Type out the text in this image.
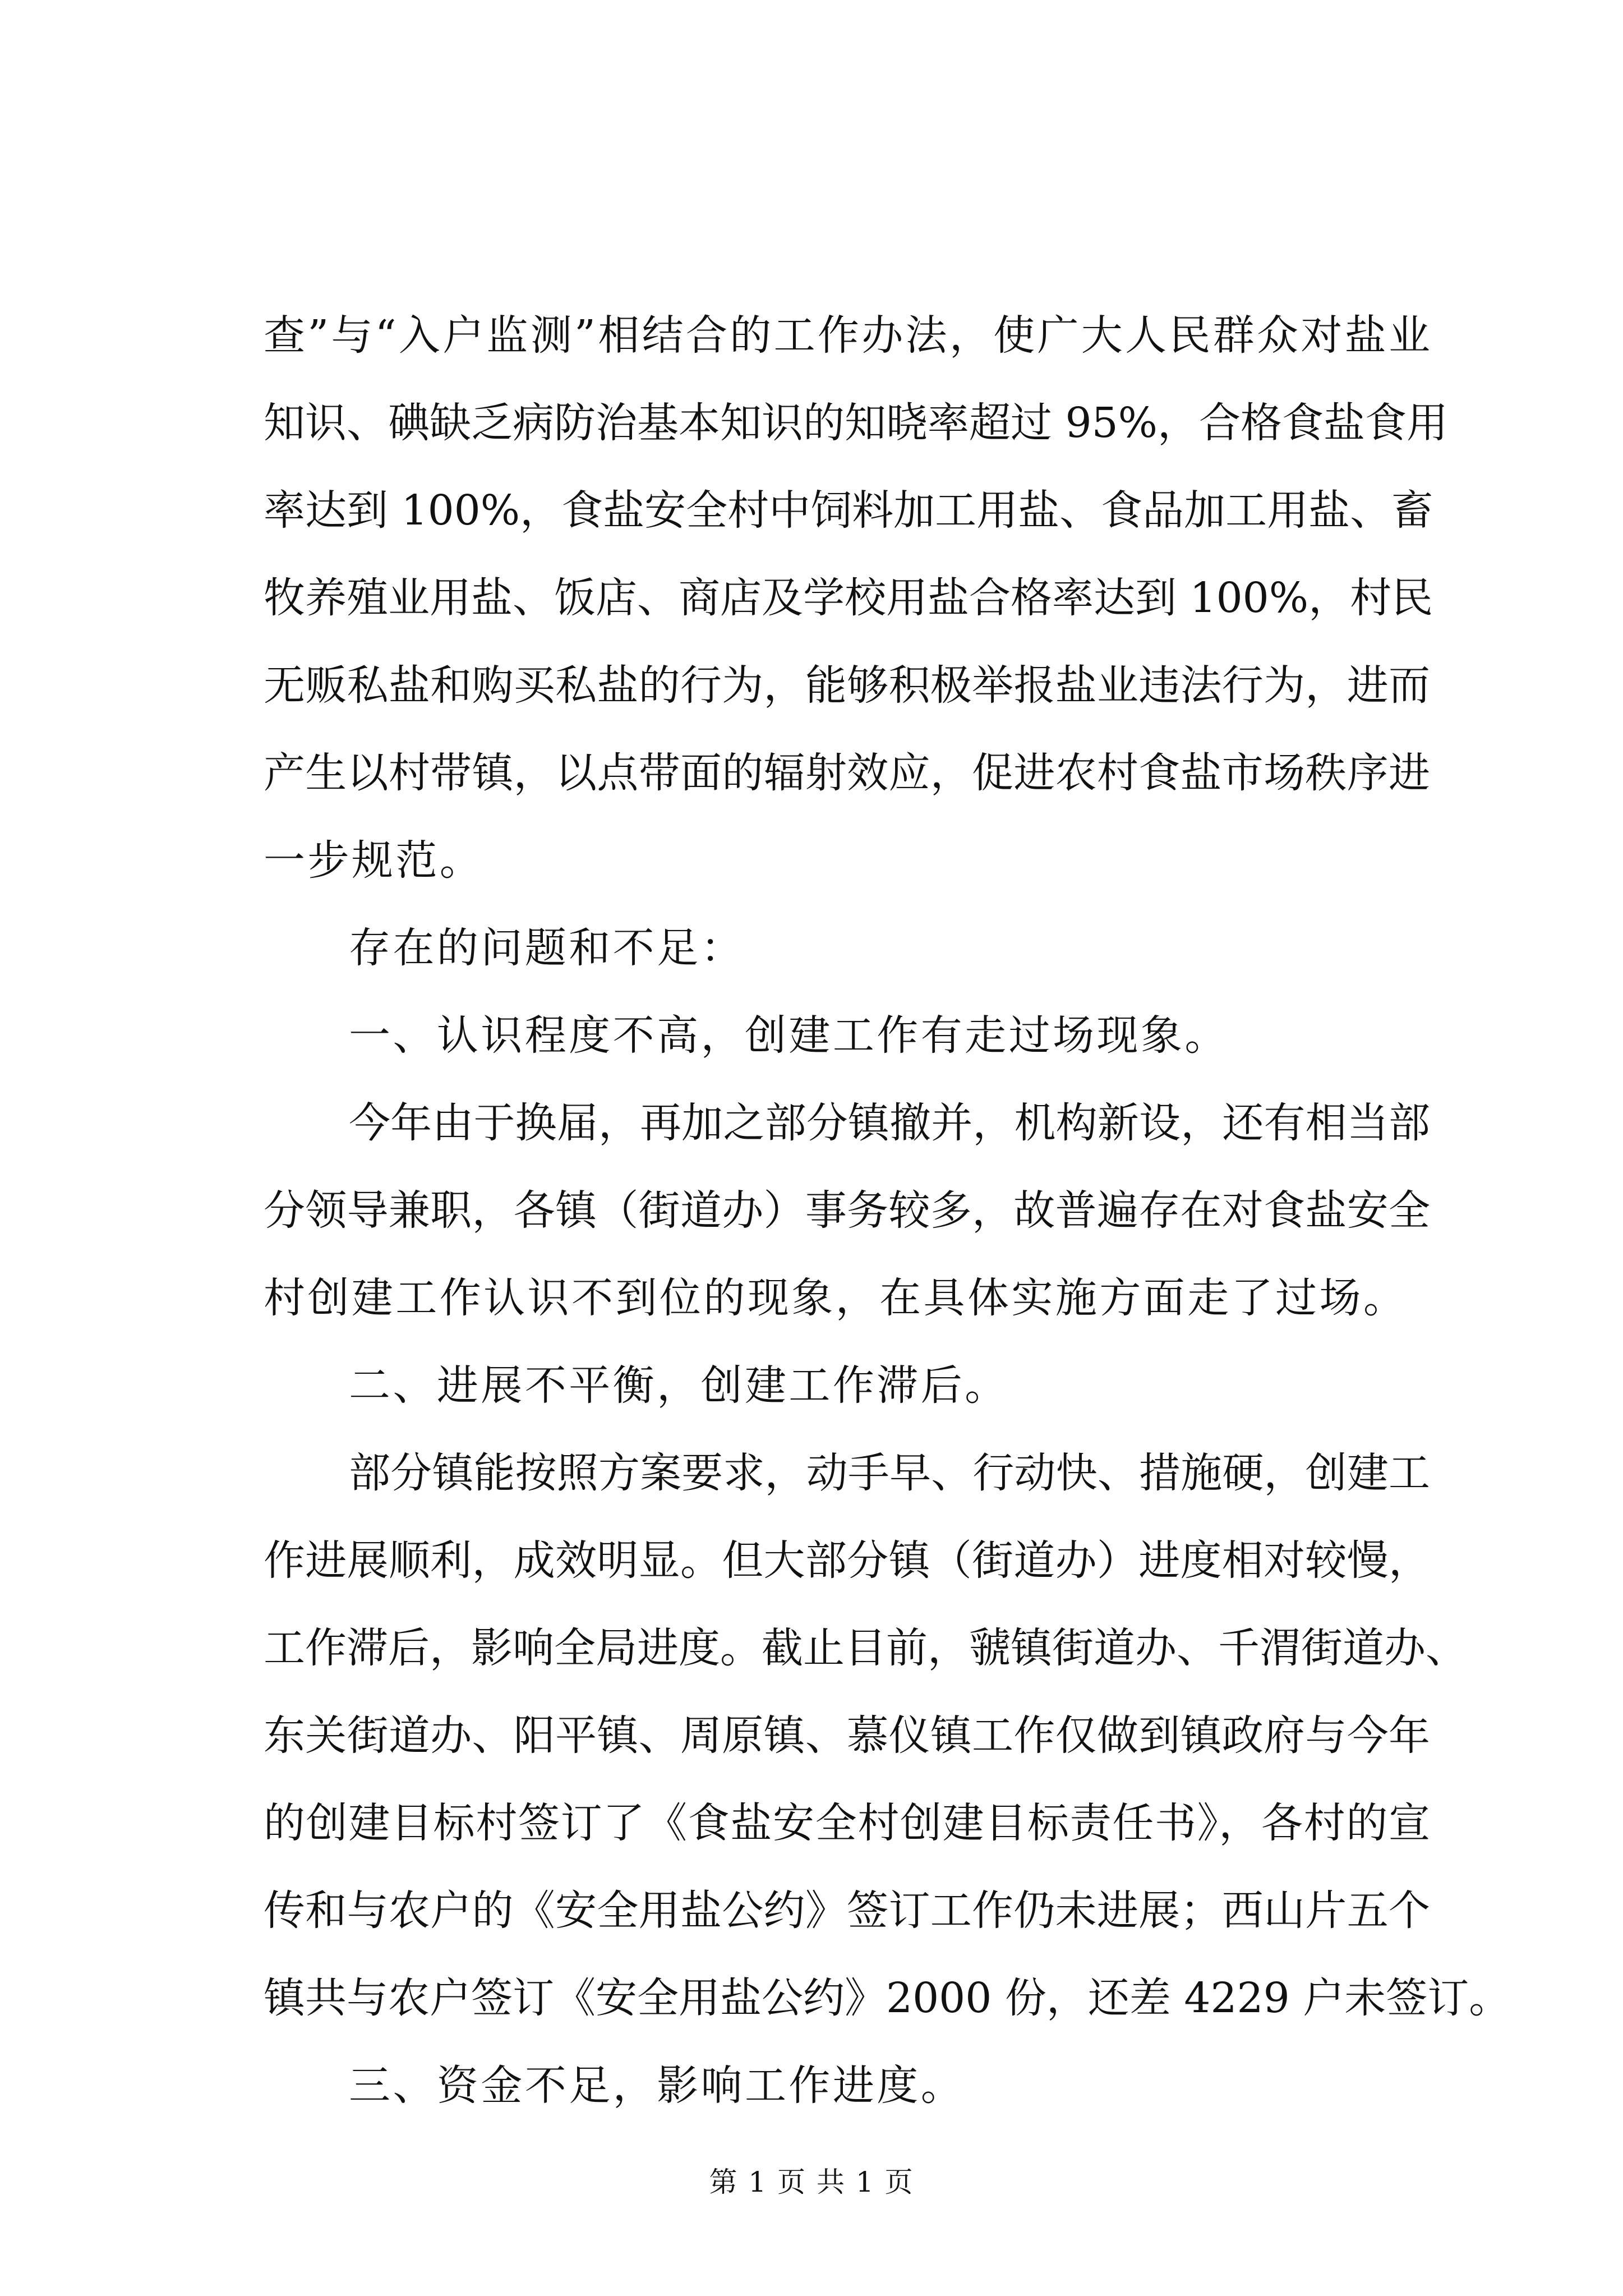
查”与“入户监测”相结合的工作办法，使广大人民群众对盐业
知识、碘缺乏病防治基本知识的知晓率超过 95%，合格食盐食用
率达到 100%，食盐安全村中饲料加工用盐、食品加工用盐、畜
牧养殖业用盐、饭店、商店及学校用盐合格率达到 100%，村民
无贩私盐和购买私盐的行为，能够积极举报盐业违法行为，进而
产生以村带镇，以点带面的辐射效应，促进农村食盐市场秩序进
一步规范。
存在的问题和不足：
一、认识程度不高，创建工作有走过场现象。
今年由于换届，再加之部分镇撤并，机构新设，还有相当部
分领导兼职，各镇（街道办）事务较多，故普遍存在对食盐安全
村创建工作认识不到位的现象，在具体实施方面走了过场。
二、进展不平衡，创建工作滞后。
部分镇能按照方案要求，动手早、行动快、措施硬，创建工
作进展顺利，成效明显。但大部分镇（街道办）进度相对较慢，
工作滞后，影响全局进度。截止目前，虢镇街道办、千渭街道办、
东关街道办、阳平镇、周原镇、慕仪镇工作仅做到镇政府与今年
的创建目标村签订了《食盐安全村创建目标责任书》，各村的宣
传和与农户的《安全用盐公约》签订工作仍未进展；西山片五个
镇共与农户签订《安全用盐公约》2000 份，还差 4229 户未签订。
三、资金不足，影响工作进度。
第 1 页 共 1 页
